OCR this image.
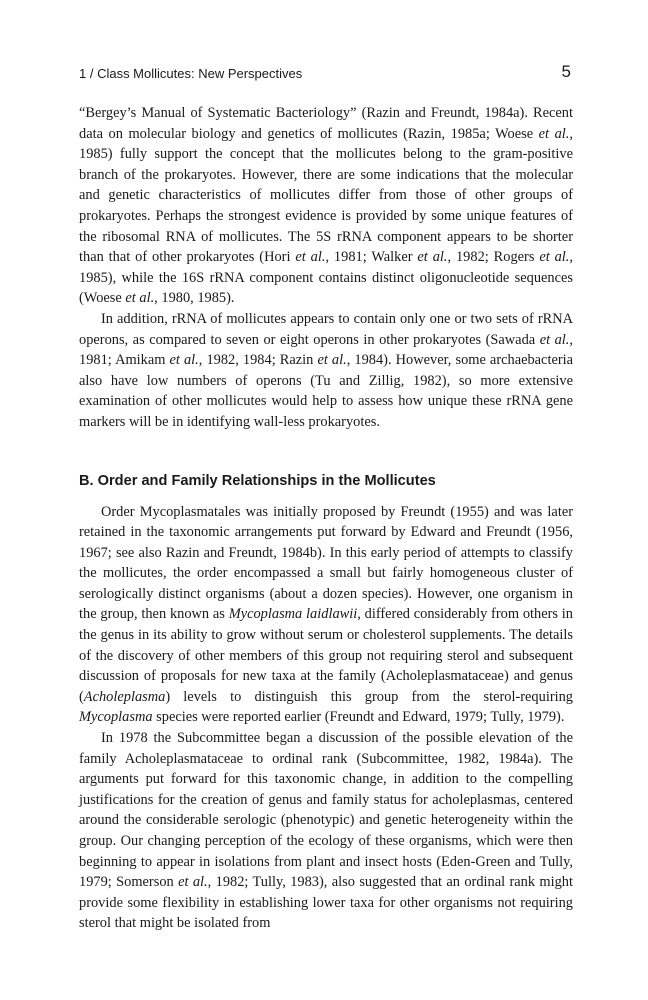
1 / Class Mollicutes: New Perspectives	5

“Bergey’s Manual of Systematic Bacteriology” (Razin and Freundt, 1984a). Recent data on molecular biology and genetics of mollicutes (Razin, 1985a; Woese et al., 1985) fully support the concept that the mollicutes belong to the gram-positive branch of the prokaryotes. However, there are some indications that the molecular and genetic characteristics of mollicutes differ from those of other groups of prokaryotes. Perhaps the strongest evidence is provided by some unique features of the ribosomal RNA of mollicutes. The 5S rRNA component appears to be shorter than that of other prokaryotes (Hori et al., 1981; Walker et al., 1982; Rogers et al., 1985), while the 16S rRNA component contains distinct oligonucleotide sequences (Woese et al., 1980, 1985).

In addition, rRNA of mollicutes appears to contain only one or two sets of rRNA operons, as compared to seven or eight operons in other prokaryotes (Sawada et al., 1981; Amikam et al., 1982, 1984; Razin et al., 1984). However, some archaebacteria also have low numbers of operons (Tu and Zillig, 1982), so more extensive examination of other mollicutes would help to assess how unique these rRNA gene markers will be in identifying wall-less prokaryotes.

B. Order and Family Relationships in the Mollicutes

Order Mycoplasmatales was initially proposed by Freundt (1955) and was later retained in the taxonomic arrangements put forward by Edward and Freundt (1956, 1967; see also Razin and Freundt, 1984b). In this early period of attempts to classify the mollicutes, the order encompassed a small but fairly homogeneous cluster of serologically distinct organisms (about a dozen species). However, one organism in the group, then known as Mycoplasma laidlawii, differed considerably from others in the genus in its ability to grow without serum or cholesterol supplements. The details of the discovery of other members of this group not requiring sterol and subsequent discussion of proposals for new taxa at the family (Acholeplasmataceae) and genus (Acholeplasma) levels to distinguish this group from the sterol-requiring Mycoplasma species were reported earlier (Freundt and Edward, 1979; Tully, 1979).

In 1978 the Subcommittee began a discussion of the possible elevation of the family Acholeplasmataceae to ordinal rank (Subcommittee, 1982, 1984a). The arguments put forward for this taxonomic change, in addition to the compelling justifications for the creation of genus and family status for acholeplasmas, centered around the considerable serologic (phenotypic) and genetic heterogeneity within the group. Our changing perception of the ecology of these organisms, which were then beginning to appear in isolations from plant and insect hosts (Eden-Green and Tully, 1979; Somerson et al., 1982; Tully, 1983), also suggested that an ordinal rank might provide some flexibility in establishing lower taxa for other organisms not requiring sterol that might be isolated from
